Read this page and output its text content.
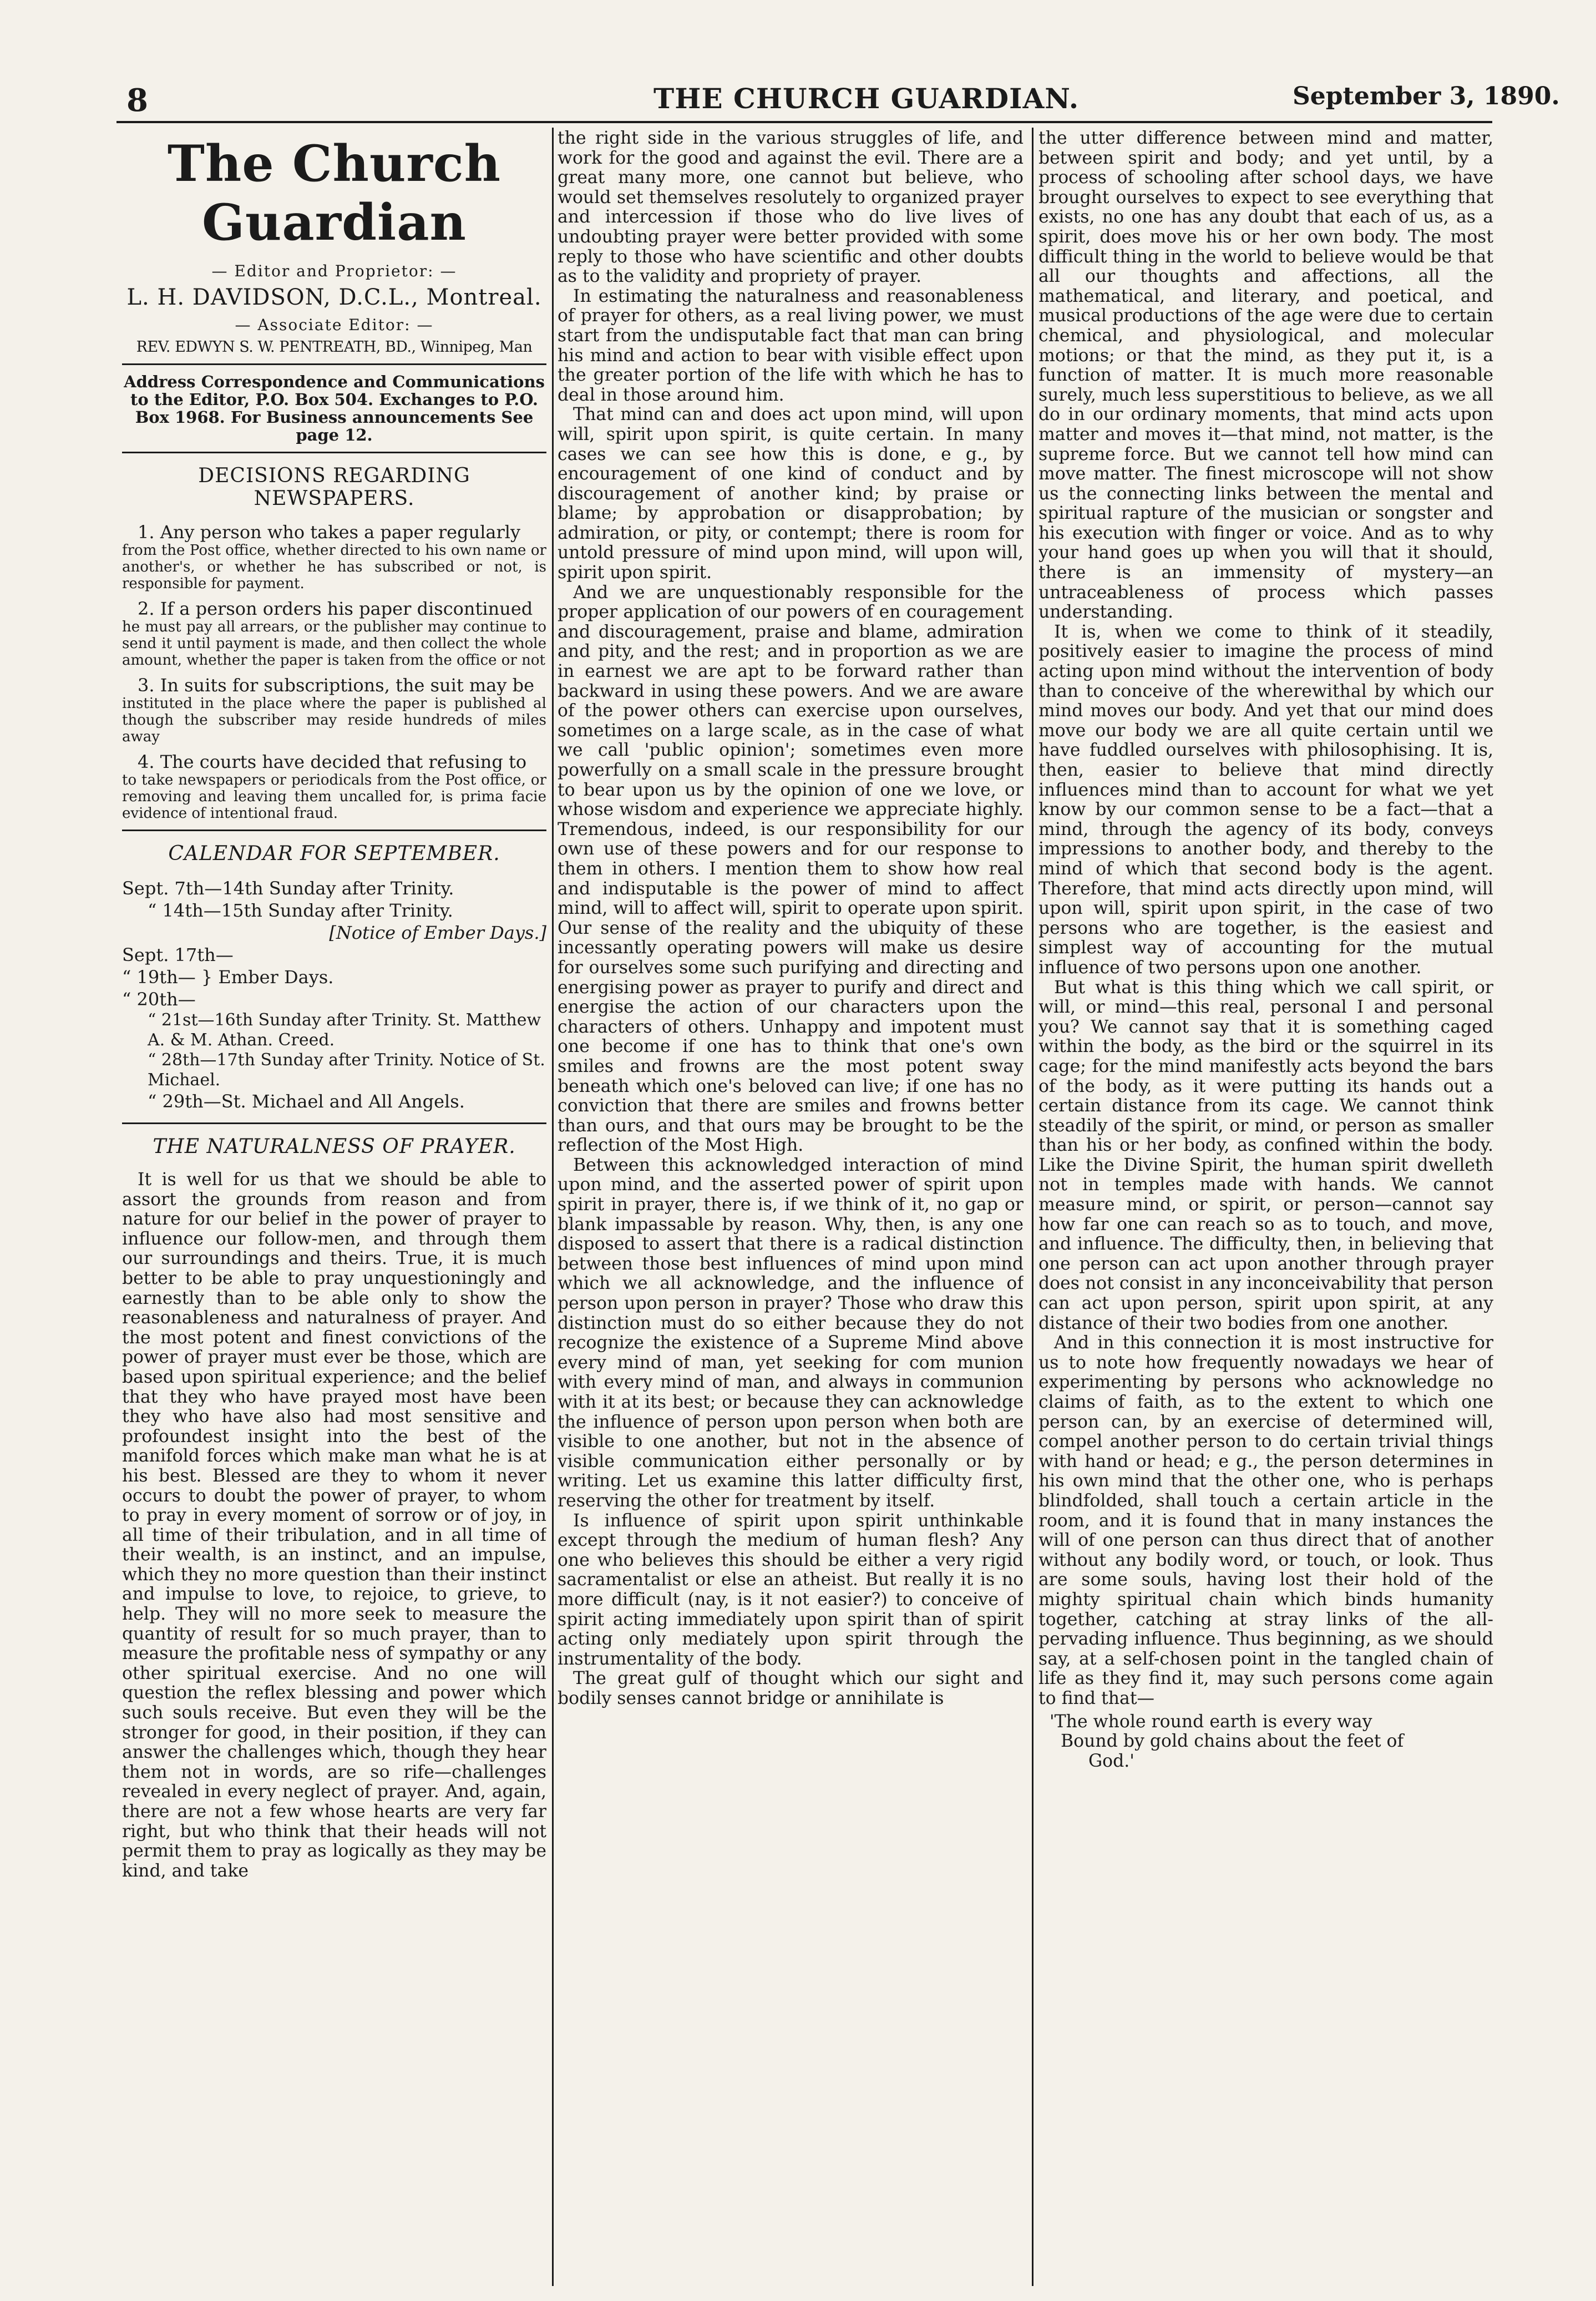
8	THE CHURCH GUARDIAN.	September 3, 1890.
The Church Guardian

— Editor and Proprietor: —

L. H. DAVIDSON, D.C.L., Montreal.

— Associate Editor: —

REV. EDWYN S. W. PENTREATH, BD., Winnipeg, Man

Address Correspondence and Communications to the Editor, P.O. Box 504. Exchanges to P.O. Box 1968. For Business announcements See page 12.

DECISIONS REGARDING NEWSPAPERS.

1. Any person who takes a paper regularly

from the Post office, whether directed to his own name or another's, or whether he has subscribed or not, is responsible for payment.

2. If a person orders his paper discontinued

he must pay all arrears, or the publisher may continue to send it until payment is made, and then collect the whole amount, whether the paper is taken from the office or not

3. In suits for subscriptions, the suit may be

instituted in the place where the paper is published al though the subscriber may reside hundreds of miles away

4. The courts have decided that refusing to

to take newspapers or periodicals from the Post office, or removing and leaving them uncalled for, is prima facie evidence of intentional fraud.

CALENDAR FOR SEPTEMBER.

Sept. 7th—14th Sunday after Trinity.

“ 14th—15th Sunday after Trinity.

[Notice of Ember Days.]

Sept. 17th—

“ 19th— } Ember Days.

“ 20th—

“ 21st—16th Sunday after Trinity. St. Matthew A. & M. Athan. Creed.

“ 28th—17th Sunday after Trinity. Notice of St. Michael.

“ 29th—St. Michael and All Angels.

THE NATURALNESS OF PRAYER.

It is well for us that we should be able to assort the grounds from reason and from nature for our belief in the power of prayer to influence our follow-men, and through them our surroundings and theirs. True, it is much better to be able to pray unquestioningly and earnestly than to be able only to show the reasonableness and naturalness of prayer. And the most potent and finest convictions of the power of prayer must ever be those, which are based upon spiritual experience; and the belief that they who have prayed most have been they who have also had most sensitive and profoundest insight into the best of the manifold forces which make man what he is at his best. Blessed are they to whom it never occurs to doubt the power of prayer, to whom to pray in every moment of sorrow or of joy, in all time of their tribulation, and in all time of their wealth, is an instinct, and an impulse, which they no more question than their instinct and impulse to love, to rejoice, to grieve, to help. They will no more seek to measure the quantity of result for so much prayer, than to measure the profitable ness of sympathy or any other spiritual exercise. And no one will question the reflex blessing and power which such souls receive. But even they will be the stronger for good, in their position, if they can answer the challenges which, though they hear them not in words, are so rife—challenges revealed in every neglect of prayer. And, again, there are not a few whose hearts are very far right, but who think that their heads will not permit them to pray as logically as they may be kind, and take

the right side in the various struggles of life, and work for the good and against the evil. There are a great many more, one cannot but believe, who would set themselves resolutely to organized prayer and intercession if those who do live lives of undoubting prayer were better provided with some reply to those who have scientific and other doubts as to the validity and propriety of prayer.

In estimating the naturalness and reasonableness of prayer for others, as a real living power, we must start from the undisputable fact that man can bring his mind and action to bear with visible effect upon the greater portion of the life with which he has to deal in those around him.

That mind can and does act upon mind, will upon will, spirit upon spirit, is quite certain. In many cases we can see how this is done, e g., by encouragement of one kind of conduct and by discouragement of another kind; by praise or blame; by approbation or disapprobation; by admiration, or pity, or contempt; there is room for untold pressure of mind upon mind, will upon will, spirit upon spirit.

And we are unquestionably responsible for the proper application of our powers of en couragement and discouragement, praise and blame, admiration and pity, and the rest; and in proportion as we are in earnest we are apt to be forward rather than backward in using these powers. And we are aware of the power others can exercise upon ourselves, sometimes on a large scale, as in the case of what we call 'public opinion'; sometimes even more powerfully on a small scale in the pressure brought to bear upon us by the opinion of one we love, or whose wisdom and experience we appreciate highly. Tremendous, indeed, is our responsibility for our own use of these powers and for our response to them in others. I mention them to show how real and indisputable is the power of mind to affect mind, will to affect will, spirit to operate upon spirit. Our sense of the reality and the ubiquity of these incessantly operating powers will make us desire for ourselves some such purifying and directing and energising power as prayer to purify and direct and energise the action of our characters upon the characters of others. Unhappy and impotent must one become if one has to think that one's own smiles and frowns are the most potent sway beneath which one's beloved can live; if one has no conviction that there are smiles and frowns better than ours, and that ours may be brought to be the reflection of the Most High.

Between this acknowledged interaction of mind upon mind, and the asserted power of spirit upon spirit in prayer, there is, if we think of it, no gap or blank impassable by reason. Why, then, is any one disposed to assert that there is a radical distinction between those best influences of mind upon mind which we all acknowledge, and the influence of person upon person in prayer? Those who draw this distinction must do so either because they do not recognize the existence of a Supreme Mind above every mind of man, yet seeking for com munion with every mind of man, and always in communion with it at its best; or because they can acknowledge the influence of person upon person when both are visible to one another, but not in the absence of visible communication either personally or by writing. Let us examine this latter difficulty first, reserving the other for treatment by itself.

Is influence of spirit upon spirit unthinkable except through the medium of human flesh? Any one who believes this should be either a very rigid sacramentalist or else an atheist. But really it is no more difficult (nay, is it not easier?) to conceive of spirit acting immediately upon spirit than of spirit acting only mediately upon spirit through the instrumentality of the body.

The great gulf of thought which our sight and bodily senses cannot bridge or annihilate is

the utter difference between mind and matter, between spirit and body; and yet until, by a process of schooling after school days, we have brought ourselves to expect to see everything that exists, no one has any doubt that each of us, as a spirit, does move his or her own body. The most difficult thing in the world to believe would be that all our thoughts and affections, all the mathematical, and literary, and poetical, and musical productions of the age were due to certain chemical, and physiological, and molecular motions; or that the mind, as they put it, is a function of matter. It is much more reasonable surely, much less superstitious to believe, as we all do in our ordinary moments, that mind acts upon matter and moves it—that mind, not matter, is the supreme force. But we cannot tell how mind can move matter. The finest microscope will not show us the connecting links between the mental and spiritual rapture of the musician or songster and his execution with finger or voice. And as to why your hand goes up when you will that it should, there is an immensity of mystery—an untraceableness of process which passes understanding.

It is, when we come to think of it steadily, positively easier to imagine the process of mind acting upon mind without the intervention of body than to conceive of the wherewithal by which our mind moves our body. And yet that our mind does move our body we are all quite certain until we have fuddled ourselves with philosophising. It is, then, easier to believe that mind directly influences mind than to account for what we yet know by our common sense to be a fact—that a mind, through the agency of its body, conveys impressions to another body, and thereby to the mind of which that second body is the agent. Therefore, that mind acts directly upon mind, will upon will, spirit upon spirit, in the case of two persons who are together, is the easiest and simplest way of accounting for the mutual influence of two persons upon one another.

But what is this thing which we call spirit, or will, or mind—this real, personal I and personal you? We cannot say that it is something caged within the body, as the bird or the squirrel in its cage; for the mind manifestly acts beyond the bars of the body, as it were putting its hands out a certain distance from its cage. We cannot think steadily of the spirit, or mind, or person as smaller than his or her body, as confined within the body. Like the Divine Spirit, the human spirit dwelleth not in temples made with hands. We cannot measure mind, or spirit, or person—cannot say how far one can reach so as to touch, and move, and influence. The difficulty, then, in believing that one person can act upon another through prayer does not consist in any inconceivability that person can act upon person, spirit upon spirit, at any distance of their two bodies from one another.

And in this connection it is most instructive for us to note how frequently nowadays we hear of experimenting by persons who acknowledge no claims of faith, as to the extent to which one person can, by an exercise of determined will, compel another person to do certain trivial things with hand or head; e g., the person determines in his own mind that the other one, who is perhaps blindfolded, shall touch a certain article in the room, and it is found that in many instances the will of one person can thus direct that of another without any bodily word, or touch, or look. Thus are some souls, having lost their hold of the mighty spiritual chain which binds humanity together, catching at stray links of the all-pervading influence. Thus beginning, as we should say, at a self-chosen point in the tangled chain of life as they find it, may such persons come again to find that—

'The whole round earth is every way

Bound by gold chains about the feet of

God.'
